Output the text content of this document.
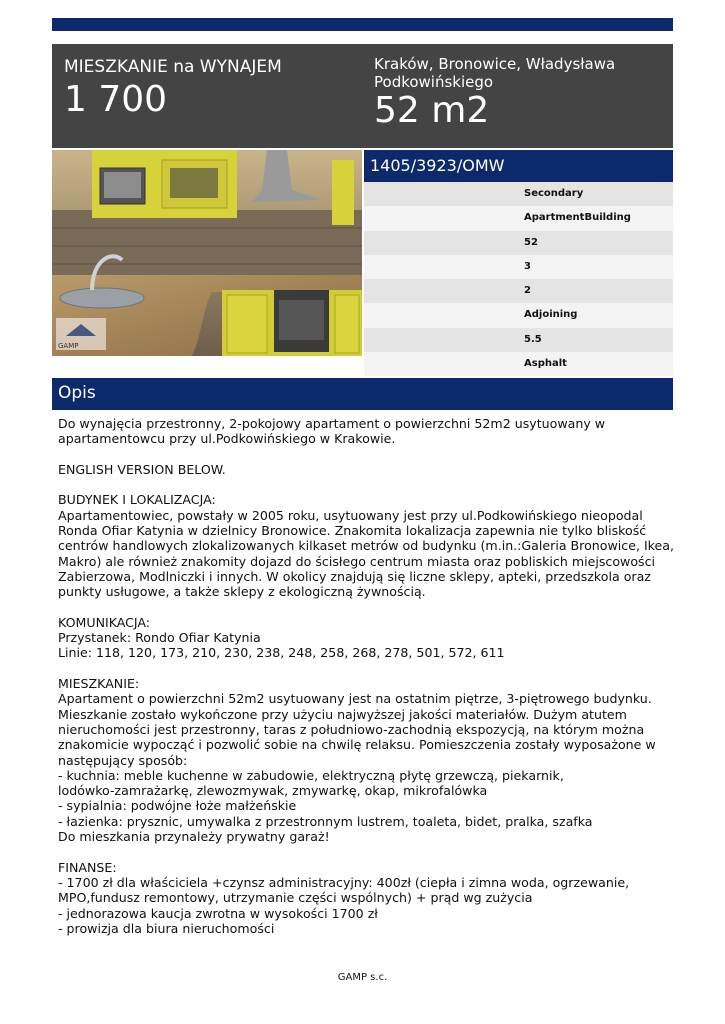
MIESZKANIE na WYNAJEM
1 700
Kraków, Bronowice, Władysława Podkowińskiego
52 m2
GAMP
1405/3923/OMW
Secondary
ApartmentBuilding
52
3
2
Adjoining
5.5
Asphalt
Opis

Do wynajęcia przestronny, 2-pokojowy apartament o powierzchni 52m2 usytuowany w

apartamentowcu przy ul.Podkowińskiego w Krakowie.

ENGLISH VERSION BELOW.

BUDYNEK I LOKALIZACJA:

Apartamentowiec, powstały w 2005 roku, usytuowany jest przy ul.Podkowińskiego nieopodal

Ronda Ofiar Katynia w dzielnicy Bronowice. Znakomita lokalizacja zapewnia nie tylko bliskość

centrów handlowych zlokalizowanych kilkaset metrów od budynku (m.in.:Galeria Bronowice, Ikea,

Makro) ale również znakomity dojazd do ścisłego centrum miasta oraz pobliskich miejscowości

Zabierzowa, Modlniczki i innych. W okolicy znajdują się liczne sklepy, apteki, przedszkola oraz

punkty usługowe, a także sklepy z ekologiczną żywnością.

KOMUNIKACJA:

Przystanek: Rondo Ofiar Katynia

Linie: 118, 120, 173, 210, 230, 238, 248, 258, 268, 278, 501, 572, 611

MIESZKANIE:

Apartament o powierzchni 52m2 usytuowany jest na ostatnim piętrze, 3-piętrowego budynku.

Mieszkanie zostało wykończone przy użyciu najwyższej jakości materiałów. Dużym atutem

nieruchomości jest przestronny, taras z południowo-zachodnią ekspozycją, na którym można

znakomicie wypocząć i pozwolić sobie na chwilę relaksu. Pomieszczenia zostały wyposażone w

następujący sposób:

- kuchnia: meble kuchenne w zabudowie, elektryczną płytę grzewczą, piekarnik,

lodówko-zamrażarkę, zlewozmywak, zmywarkę, okap, mikrofalówka

- sypialnia: podwójne łoże małżeńskie

- łazienka: prysznic, umywalka z przestronnym lustrem, toaleta, bidet, pralka, szafka

Do mieszkania przynależy prywatny garaż!

FINANSE:

- 1700 zł dla właściciela +czynsz administracyjny: 400zł (ciepła i zimna woda, ogrzewanie,

MPO,fundusz remontowy, utrzymanie części wspólnych) + prąd wg zużycia

- jednorazowa kaucja zwrotna w wysokości 1700 zł

- prowizja dla biura nieruchomości

GAMP s.c.
